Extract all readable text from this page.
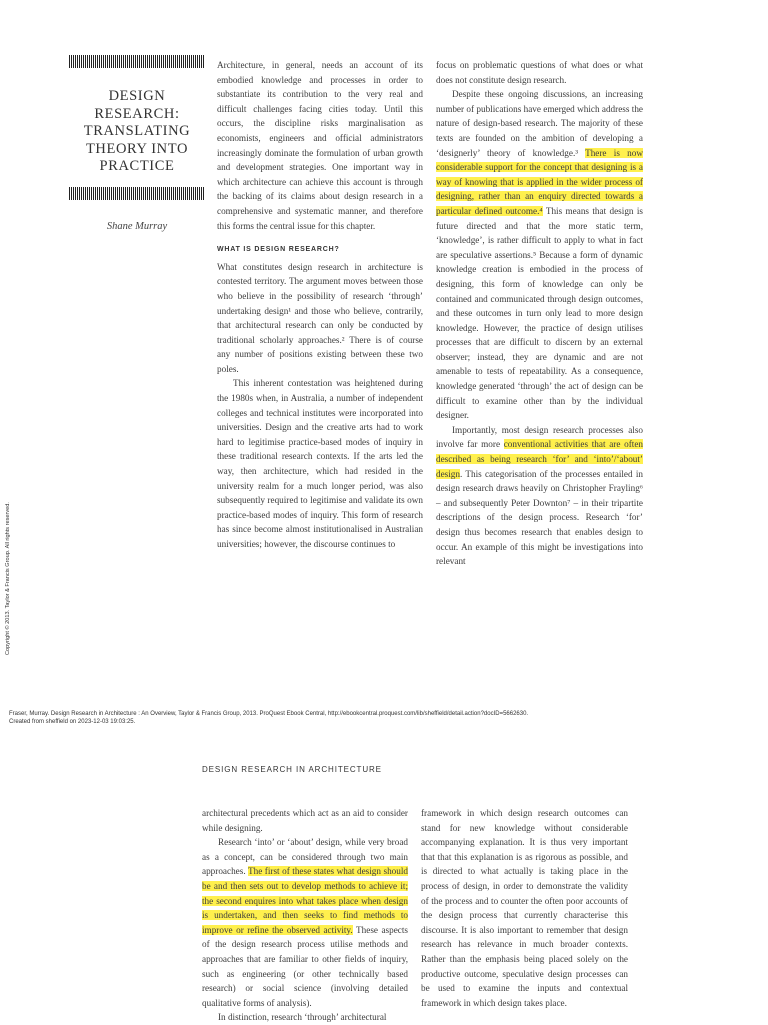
DESIGN
RESEARCH:
TRANSLATING
THEORY INTO
PRACTICE
Shane Murray

Architecture, in general, needs an account of its embodied knowledge and processes in order to substantiate its contribution to the very real and difficult challenges facing cities today. Until this occurs, the discipline risks marginalisation as economists, engineers and official administrators increasingly dominate the formulation of urban growth and development strategies. One important way in which architecture can achieve this account is through the backing of its claims about design research in a comprehensive and systematic manner, and therefore this forms the central issue for this chapter.

WHAT IS DESIGN RESEARCH?

What constitutes design research in architecture is contested territory. The argument moves between those who believe in the possibility of research ‘through’ undertaking design¹ and those who believe, contrarily, that architectural research can only be conducted by traditional scholarly approaches.² There is of course any number of positions existing between these two poles.

This inherent contestation was heightened during the 1980s when, in Australia, a number of independent colleges and technical institutes were incorporated into universities. Design and the creative arts had to work hard to legitimise practice-based modes of inquiry in these traditional research contexts. If the arts led the way, then architecture, which had resided in the university realm for a much longer period, was also subsequently required to legitimise and validate its own practice-based modes of inquiry. This form of research has since become almost institutionalised in Australian universities; however, the discourse continues to

focus on problematic questions of what does or what does not constitute design research.

Despite these ongoing discussions, an increasing number of publications have emerged which address the nature of design-based research. The majority of these texts are founded on the ambition of developing a ‘designerly’ theory of knowledge.³ There is now considerable support for the concept that designing is a way of knowing that is applied in the wider process of designing, rather than an enquiry directed towards a particular defined outcome.⁴ This means that design is future directed and that the more static term, ‘knowledge’, is rather difficult to apply to what in fact are speculative assertions.⁵ Because a form of dynamic knowledge creation is embodied in the process of designing, this form of knowledge can only be contained and communicated through design outcomes, and these outcomes in turn only lead to more design knowledge. However, the practice of design utilises processes that are difficult to discern by an external observer; instead, they are dynamic and are not amenable to tests of repeatability. As a consequence, knowledge generated ‘through’ the act of design can be difficult to examine other than by the individual designer.

Importantly, most design research processes also involve far more conventional activities that are often described as being research ‘for’ and ‘into’/‘about’ design. This categorisation of the processes entailed in design research draws heavily on Christopher Frayling⁶ – and subsequently Peter Downton⁷ – in their tripartite descriptions of the design process. Research ‘for’ design thus becomes research that enables design to occur. An example of this might be investigations into relevant

Copyright © 2013. Taylor & Francis Group. All rights reserved.
Fraser, Murray. Design Research in Architecture : An Overview, Taylor & Francis Group, 2013. ProQuest Ebook Central, http://ebookcentral.proquest.com/lib/sheffield/detail.action?docID=5662630.
Created from sheffield on 2023-12-03 19:03:25.
DESIGN RESEARCH IN ARCHITECTURE

architectural precedents which act as an aid to consider while designing.

Research ‘into’ or ‘about’ design, while very broad as a concept, can be considered through two main approaches. The first of these states what design should be and then sets out to develop methods to achieve it; the second enquires into what takes place when design is undertaken, and then seeks to find methods to improve or refine the observed activity. These aspects of the design research process utilise methods and approaches that are familiar to other fields of inquiry, such as engineering (or other technically based research) or social science (involving detailed qualitative forms of analysis).

In distinction, research ‘through’ architectural

framework in which design research outcomes can stand for new knowledge without considerable accompanying explanation. It is thus very important that that this explanation is as rigorous as possible, and is directed to what actually is taking place in the process of design, in order to demonstrate the validity of the process and to counter the often poor accounts of the design process that currently characterise this discourse. It is also important to remember that design research has relevance in much broader contexts. Rather than the emphasis being placed solely on the productive outcome, speculative design processes can be used to examine the inputs and contextual framework in which design takes place.
